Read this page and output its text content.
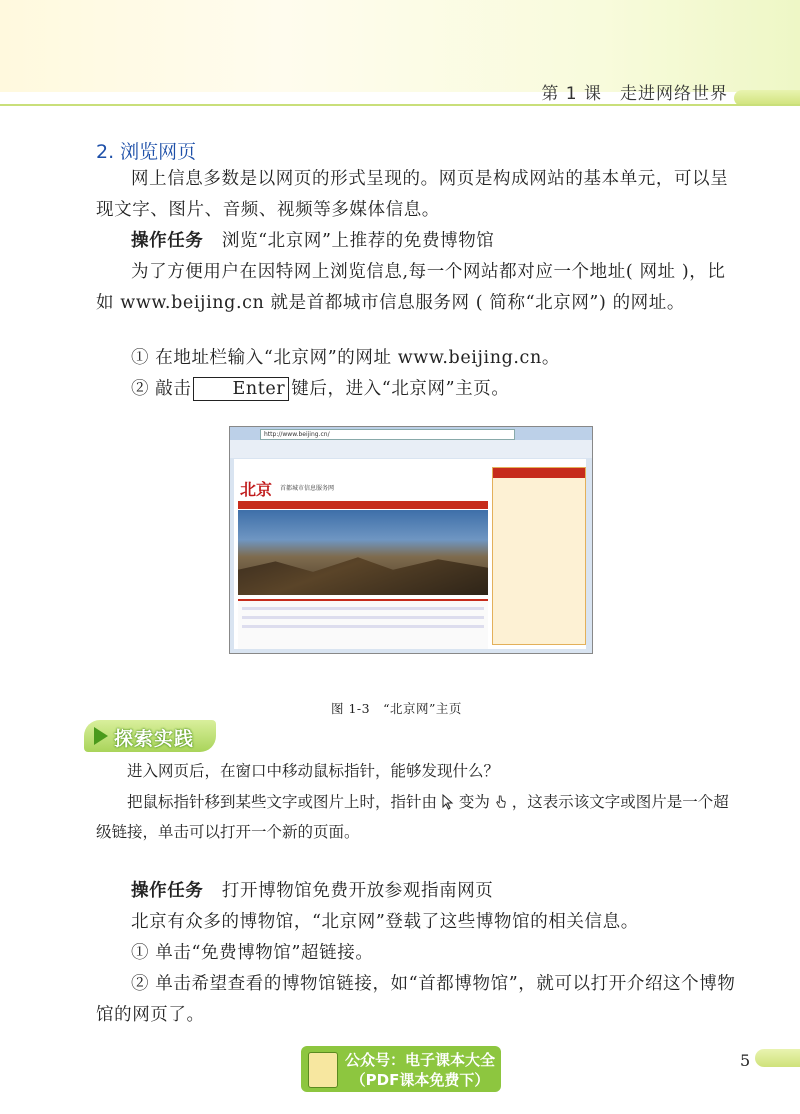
第 1 课　走进网络世界
2. 浏览网页
网上信息多数是以网页的形式呈现的。网页是构成网站的基本单元，可以呈现文字、图片、音频、视频等多媒体信息。
操作任务 浏览“北京网”上推荐的免费博物馆
为了方便用户在因特网上浏览信息,每一个网站都对应一个地址( 网址 )，比如 www.beijing.cn 就是首都城市信息服务网 ( 简称“北京网”) 的网址。
① 在地址栏输入“北京网”的网址 www.beijing.cn。
② 敲击 Enter 键后，进入“北京网”主页。
http://www.beijing.cn/
北京 首都城市信息服务网
图 1-3　“北京网”主页
探索实践
进入网页后，在窗口中移动鼠标指针，能够发现什么？
把鼠标指针移到某些文字或图片上时，指针由 变为 ，这表示该文字或图片是一个超级链接，单击可以打开一个新的页面。
操作任务 打开博物馆免费开放参观指南网页
北京有众多的博物馆，“北京网”登载了这些博物馆的相关信息。
① 单击“免费博物馆”超链接。
② 单击希望查看的博物馆链接，如“首都博物馆”，就可以打开介绍这个博物馆的网页了。
公众号：电子课本大全
（PDF课本免费下）
5
